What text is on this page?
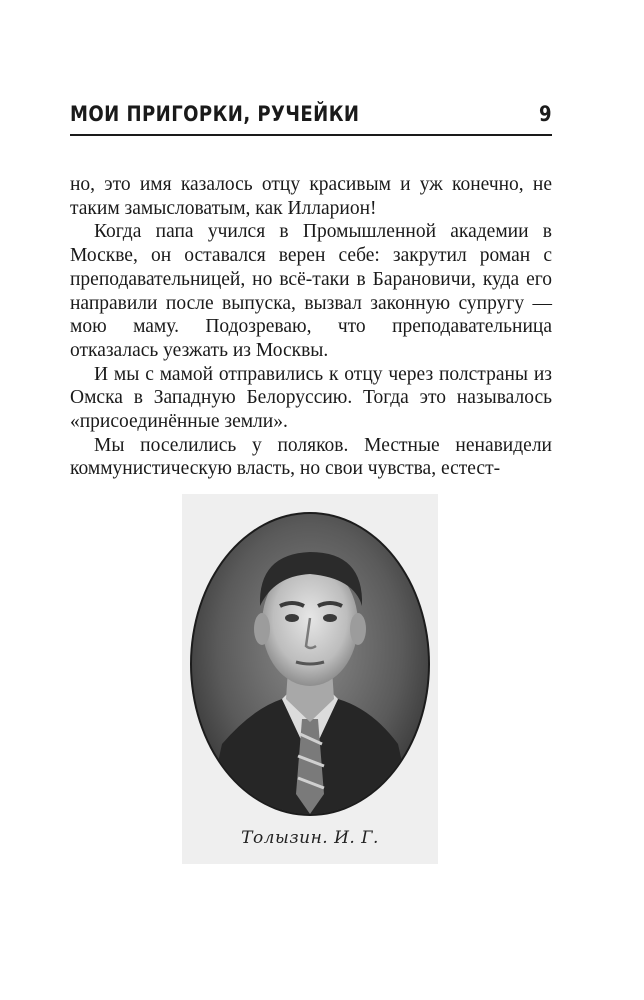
МОИ ПРИГОРКИ, РУЧЕЙКИ	9

но, это имя казалось отцу красивым и уж конечно, не таким замысловатым, как Илларион!

Когда папа учился в Промышленной академии в Москве, он оставался верен себе: закрутил роман с преподавательницей, но всё-таки в Барановичи, куда его направили после выпуска, вызвал законную супругу — мою маму. Подозреваю, что преподавательница отказалась уезжать из Москвы.

И мы с мамой отправились к отцу через полстраны из Омска в Западную Белоруссию. Тогда это называлось «присоединённые земли».

Мы поселились у поляков. Местные ненавидели коммунистическую власть, но свои чувства, естест-

Толызин. И. Г.
